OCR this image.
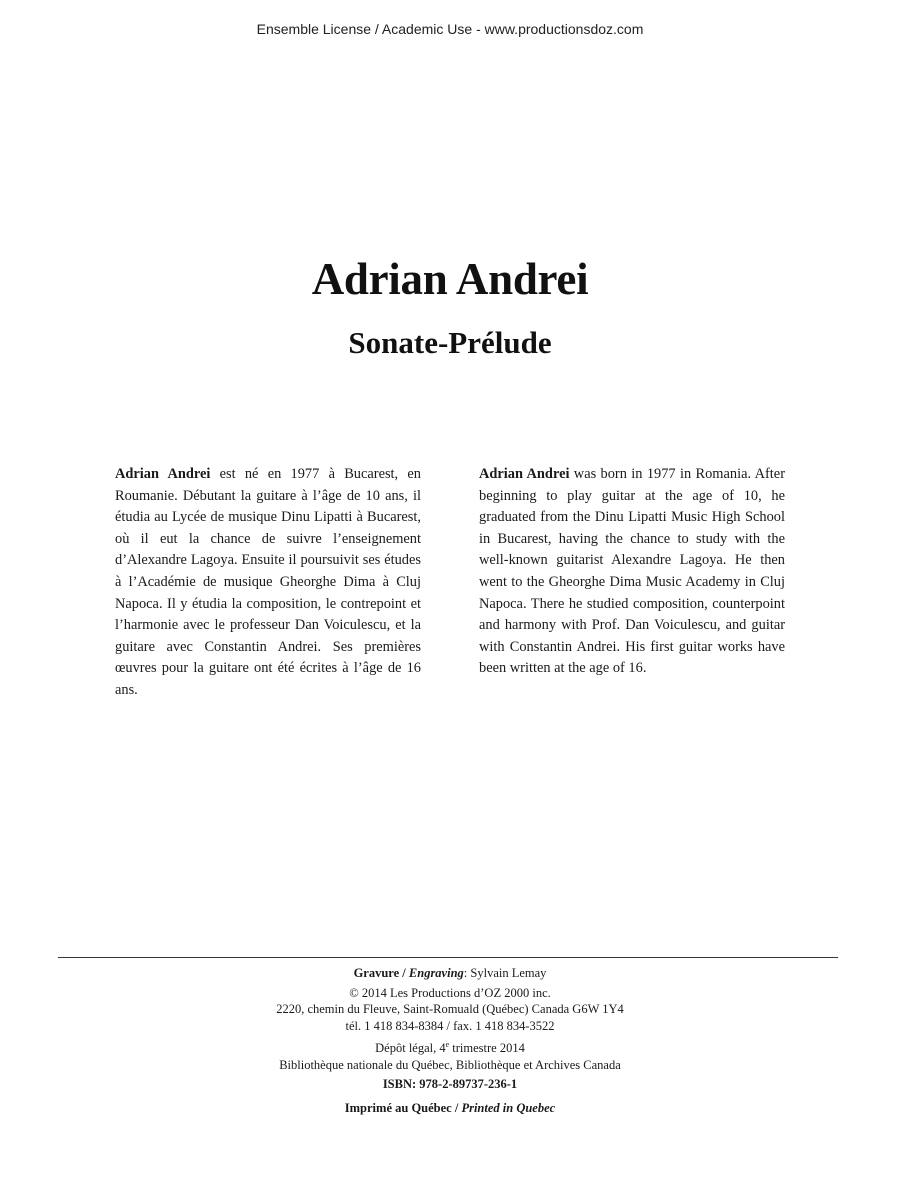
Ensemble License / Academic Use - www.productionsdoz.com
Adrian Andrei
Sonate-Prélude

Adrian Andrei est né en 1977 à Bucarest, en Roumanie. Débutant la guitare à l’âge de 10 ans, il étudia au Lycée de musique Dinu Lipatti à Bucarest, où il eut la chance de suivre l’enseignement d’Alexandre Lagoya. Ensuite il poursuivit ses études à l’Académie de musique Gheorghe Dima à Cluj Napoca. Il y étudia la composition, le contrepoint et l’harmonie avec le professeur Dan Voiculescu, et la guitare avec Constantin Andrei. Ses premières œuvres pour la guitare ont été écrites à l’âge de 16 ans.

Adrian Andrei was born in 1977 in Romania. After beginning to play guitar at the age of 10, he graduated from the Dinu Lipatti Music High School in Bucarest, having the chance to study with the well-known guitarist Alexandre Lagoya. He then went to the Gheorghe Dima Music Academy in Cluj Napoca. There he studied composition, counterpoint and harmony with Prof. Dan Voiculescu, and guitar with Constantin Andrei. His first guitar works have been written at the age of 16.

Gravure / Engraving: Sylvain Lemay
© 2014 Les Productions d’OZ 2000 inc.
2220, chemin du Fleuve, Saint-Romuald (Québec) Canada G6W 1Y4
tél. 1 418 834-8384 / fax. 1 418 834-3522
Dépôt légal, 4e trimestre 2014
Bibliothèque nationale du Québec, Bibliothèque et Archives Canada
ISBN: 978-2-89737-236-1
Imprimé au Québec / Printed in Quebec
